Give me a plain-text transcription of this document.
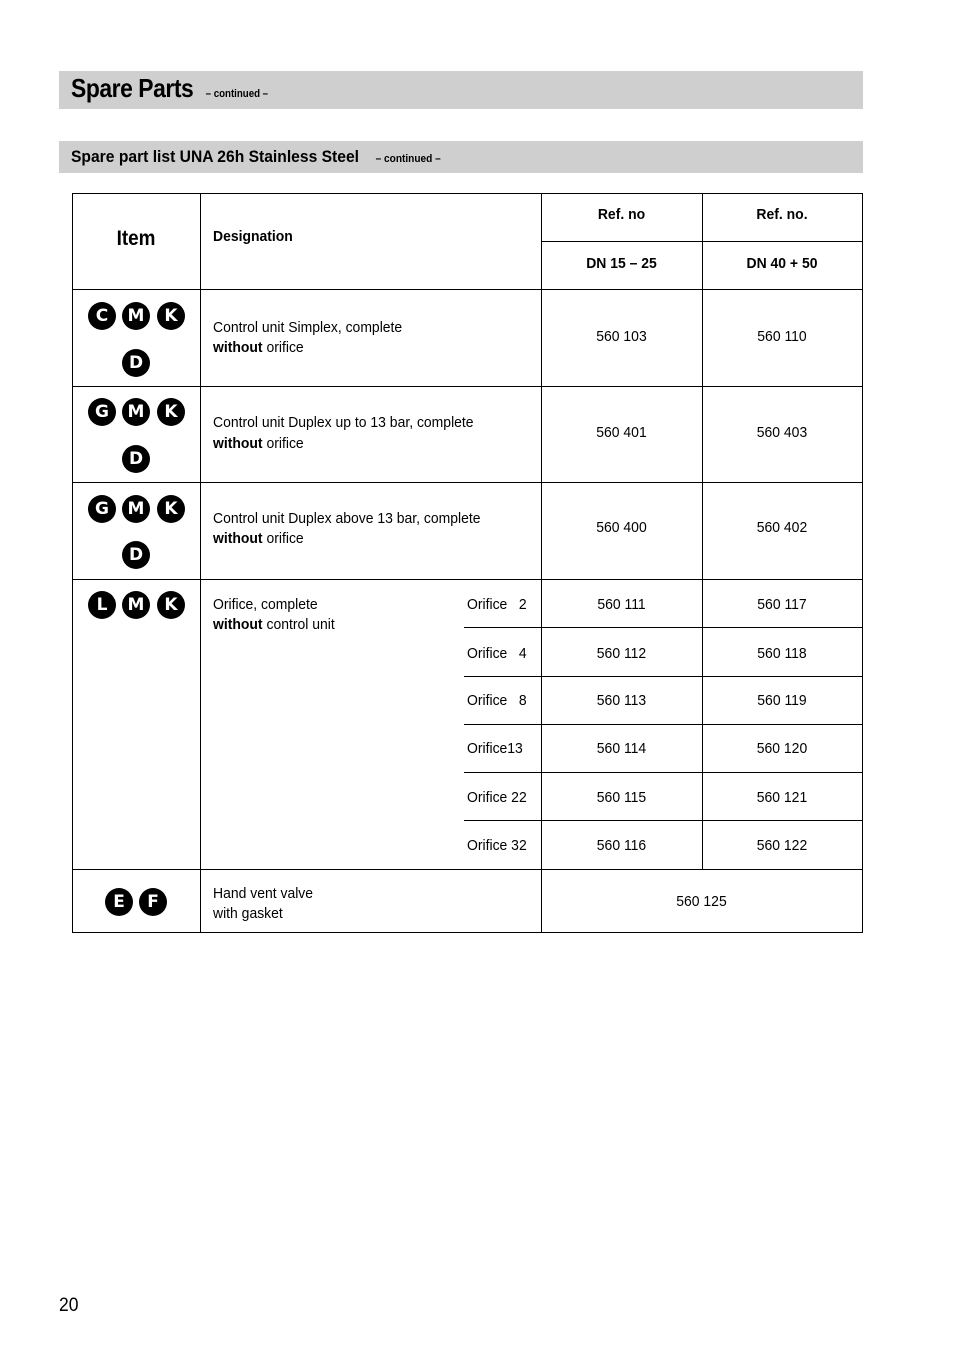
Spare Parts – continued –
Spare part list UNA 26h Stainless Steel – continued –
Item	Designation
Ref. no	Ref. no.
DN 15 – 25	DN 40 + 50
C	M	K
D
Control unit Simplex, complete
without orifice
560 103	560 110
G	M	K
D
Control unit Duplex up to 13 bar, complete
without orifice
560 401	560 403
G	M	K
D
Control unit Duplex above 13 bar, complete
without orifice
560 400	560 402
L	M	K	Orifice, complete
without control unit
Orifice   2	560 111	560 117
Orifice   4	560 112	560 118
Orifice   8	560 113	560 119
Orifice13	560 114	560 120
Orifice 22	560 115	560 121
Orifice 32	560 116	560 122
E	F	Hand vent valve
with gasket
560 125
20
